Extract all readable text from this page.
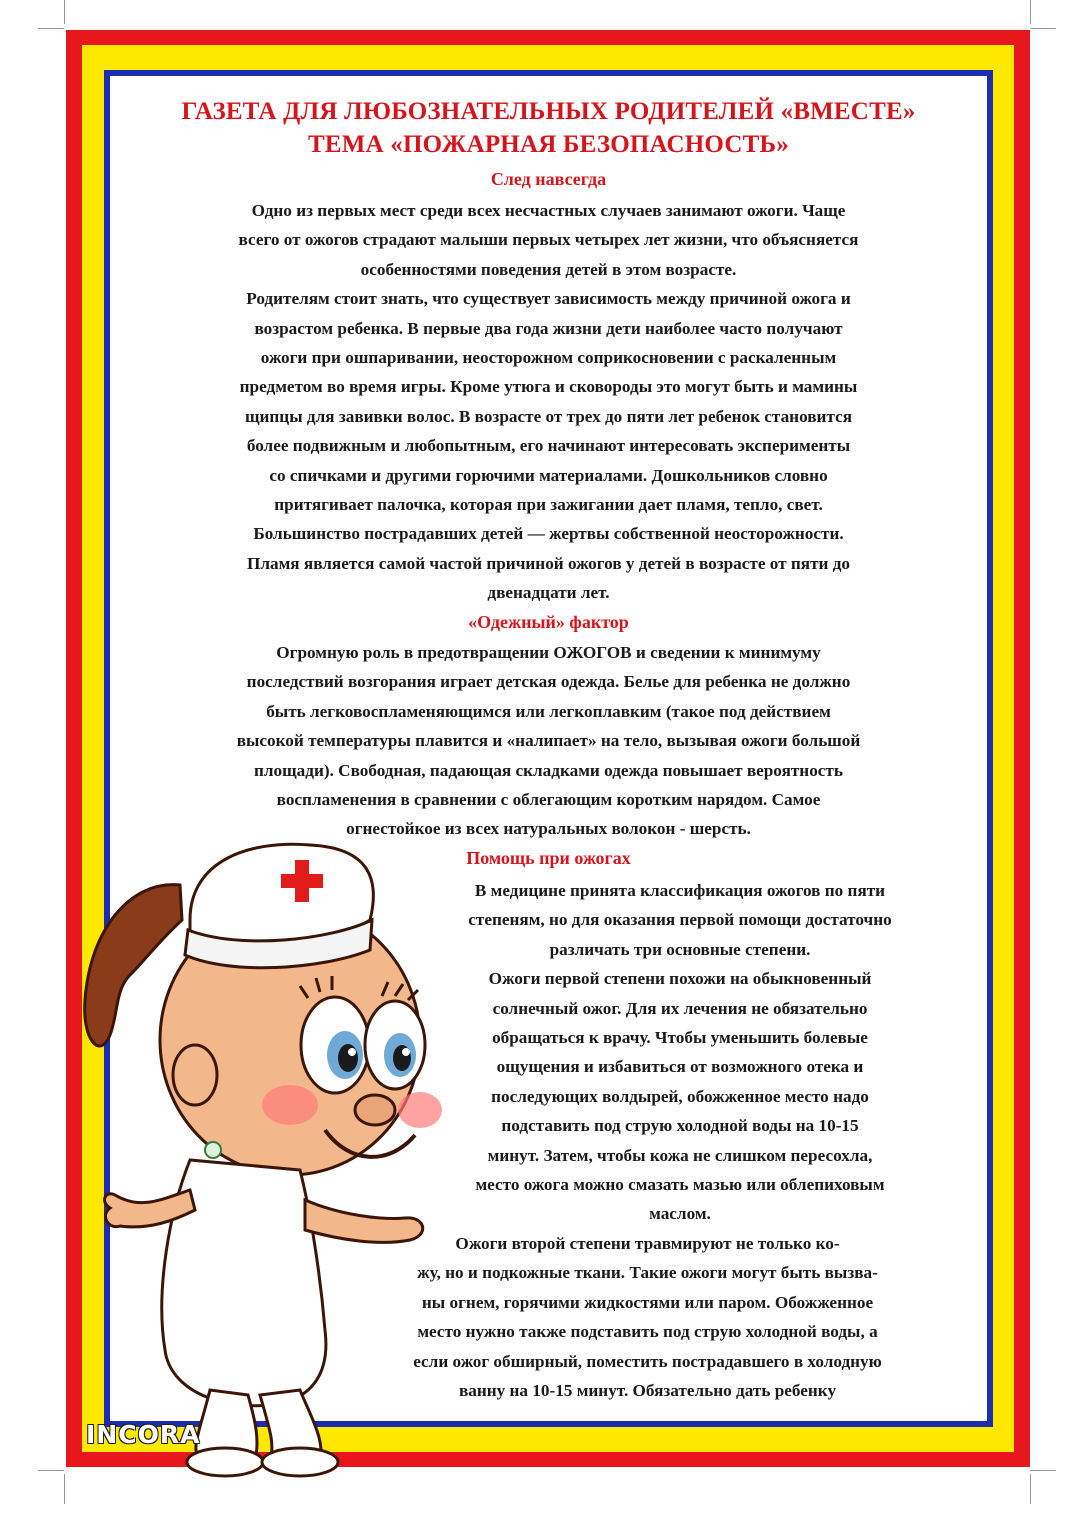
ГАЗЕТА ДЛЯ ЛЮБОЗНАТЕЛЬНЫХ РОДИТЕЛЕЙ «ВМЕСТЕ»
ТЕМА «ПОЖАРНАЯ БЕЗОПАСНОСТЬ»
След навсегда
Одно из первых мест среди всех несчастных случаев занимают ожоги. Чаще
всего от ожогов страдают малыши первых четырех лет жизни, что объясняется
особенностями поведения детей в этом возрасте.
Родителям стоит знать, что существует зависимость между причиной ожога и
возрастом ребенка. В первые два года жизни дети наиболее часто получают
ожоги при ошпаривании, неосторожном соприкосновении с раскаленным
предметом во время игры. Кроме утюга и сковороды это могут быть и мамины
щипцы для завивки волос. В возрасте от трех до пяти лет ребенок становится
более подвижным и любопытным, его начинают интересовать эксперименты
со спичками и другими горючими материалами. Дошкольников словно
притягивает палочка, которая при зажигании дает пламя, тепло, свет.
Большинство пострадавших детей — жертвы собственной неосторожности.
Пламя является самой частой причиной ожогов у детей в возрасте от пяти до
двенадцати лет.
«Одежный» фактор
Огромную роль в предотвращении ОЖОГОВ и сведении к минимуму
последствий возгорания играет детская одежда. Белье для ребенка не должно
быть легковоспламеняющимся или легкоплавким (такое под действием
высокой температуры плавится и «налипает» на тело, вызывая ожоги большой
площади). Свободная, падающая складками одежда повышает вероятность
воспламенения в сравнении с облегающим коротким нарядом. Самое
огнестойкое из всех натуральных волокон - шерсть.
Помощь при ожогах
В медицине принята классификация ожогов по пяти
степеням, но для оказания первой помощи достаточно
различать три основные степени.
Ожоги первой степени похожи на обыкновенный
солнечный ожог. Для их лечения не обязательно
обращаться к врачу. Чтобы уменьшить болевые
ощущения и избавиться от возможного отека и
последующих волдырей, обожженное место надо
подставить под струю холодной воды на 10-15
минут. Затем, чтобы кожа не слишком пересохла,
место ожога можно смазать мазью или облепиховым
маслом.
Ожоги второй степени травмируют не только ко-
жу, но и подкожные ткани. Такие ожоги могут быть вызва-
ны огнем, горячими жидкостями или паром. Обожженное
место нужно также подставить под струю холодной воды, а
если ожог обширный, поместить пострадавшего в холодную
ванну на 10-15 минут. Обязательно дать ребенку
INCORA
